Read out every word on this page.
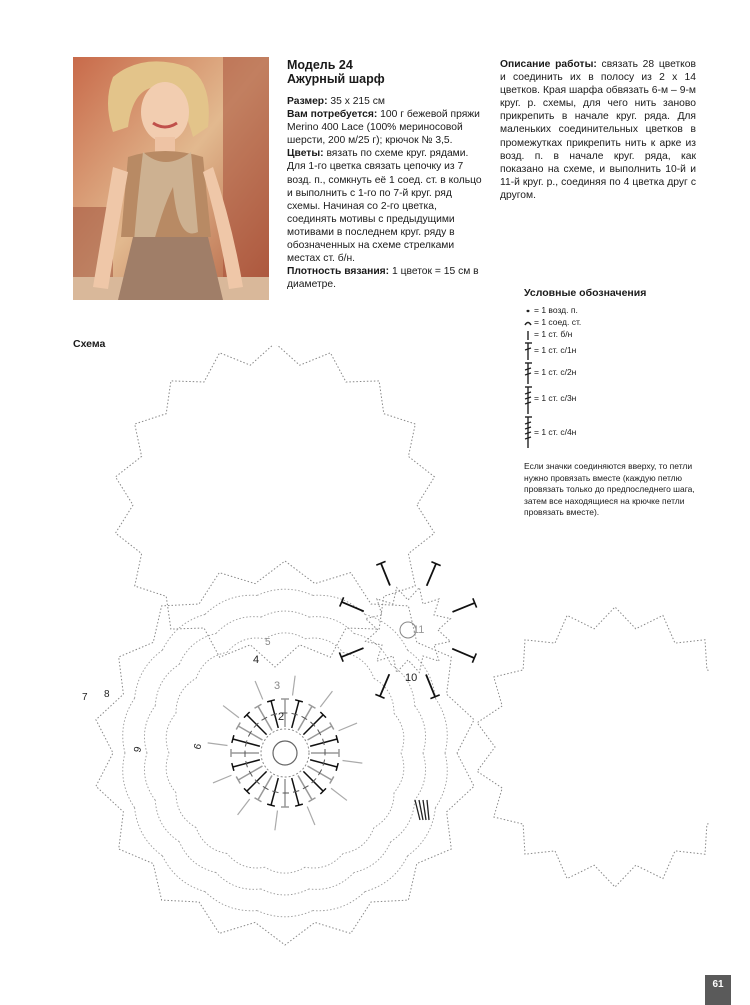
Модель 24
Ажурный шарф

Размер: 35 x 215 см

Вам потребуется: 100 г бежевой пряжи Merino 400 Lace (100% мериносовой шерсти, 200 м/25 г); крючок № 3,5.

Цветы: вязать по схеме круг. рядами. Для 1-го цветка связать цепочку из 7 возд. п., сомкнуть её 1 соед. ст. в кольцо и выполнить с 1-го по 7-й круг. ряд схемы. Начиная со 2-го цветка, соединять мотивы с предыдущими мотивами в последнем круг. ряду в обозначенных на схеме стрелками местах ст. б/н.

Плотность вязания: 1 цветок = 15 см в диаметре.

Описание работы: связать 28 цветков и соединить их в полосу из 2 x 14 цветков. Края шарфа обвязать 6-м – 9-м круг. р. схемы, для чего нить заново прикрепить в начале круг. ряда. Для маленьких соединительных цветков в промежутках прикрепить нить к арке из возд. п. в начале круг. ряда, как показано на схеме, и выполнить 10-й и 11-й круг. р., соединяя по 4 цветка друг с другом.

Условные обозначения
= 1 возд. п.
= 1 соед. ст.
= 1 ст. б/н
= 1 ст. с/1н
= 1 ст. с/2н
= 1 ст. с/3н
= 1 ст. с/4н
Если значки соединяются вверху, то петли нужно провязать вместе (каждую петлю провязать только до предпоследнего шага, затем все находящиеся на крючке петли провязать вместе).
Схема
2
3
4
5
6
7 8
9
10
11
61
